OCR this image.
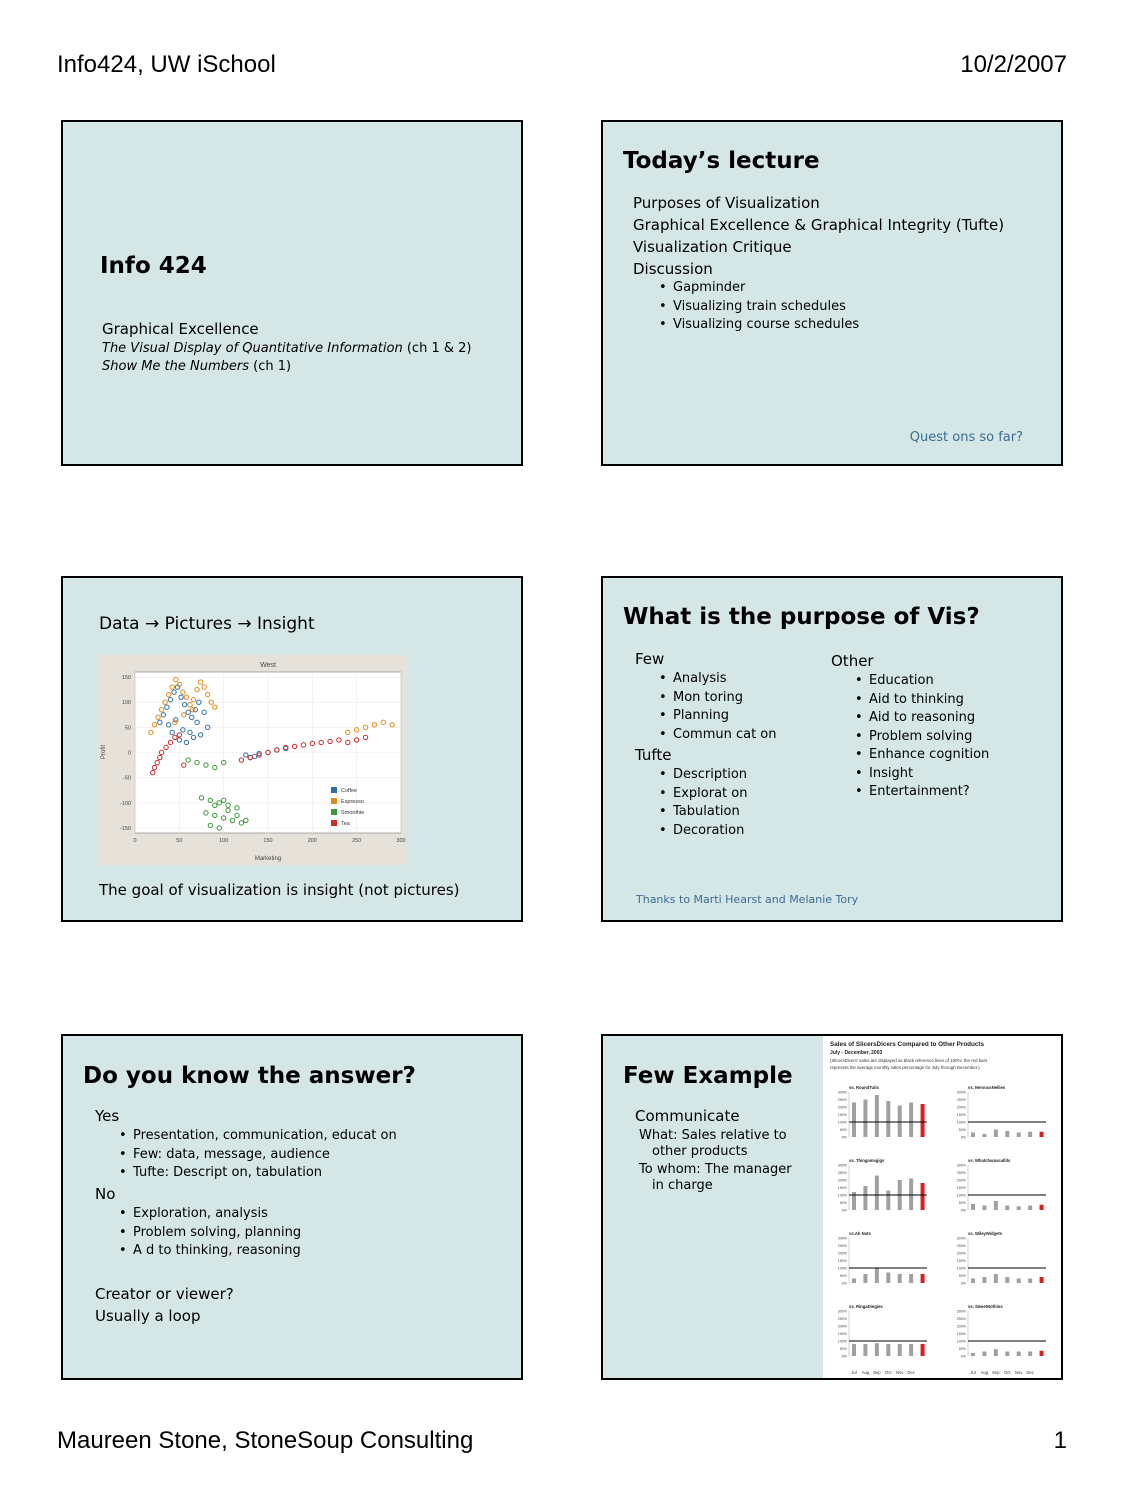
Info424, UW iSchool	10/2/2007
Maureen Stone, StoneSoup Consulting	1
Info 424
Graphical Excellence
The Visual Display of Quantitative Information (ch 1 & 2)
Show Me the Numbers (ch 1)
Today’s lecture
Purposes of Visualization
Graphical Excellence & Graphical Integrity (Tufte)
Visualization Critique
Discussion
• Gapminder
• Visualizing train schedules
• Visualizing course schedules
Quest ons so far?
Data → Pictures → Insight
West
150
100
50
0
-50
-100
-150
0	50	100	150	200	250	300
Profit
Marketing
Coffee
Espresso
Smoothie
Tea
The goal of visualization is insight (not pictures)
What is the purpose of Vis?
Few
• Analysis
• Mon toring
• Planning
• Commun cat on
Tufte
• Description
• Explorat on
• Tabulation
• Decoration
Other
• Education
• Aid to thinking
• Aid to reasoning
• Problem solving
• Enhance cognition
• Insight
• Entertainment?
Thanks to Marti Hearst and Melanie Tory
Do you know the answer?
Yes
• Presentation, communication, educat on
• Few: data, message, audience
• Tufte: Descript on, tabulation
No
• Exploration, analysis
• Problem solving, planning
• A d to thinking, reasoning
Creator or viewer?
Usually a loop
Few Example
Communicate
What: Sales relative to
other products
To whom: The manager
in charge
Sales of SlicersDicers Compared to Other Products
July - December, 2003
(SlicersDicers' sales are displayed as black reference lines of 100%; the red bars
represent the average monthly sales percentage for July through December.)
vs. RoundTuits
300%
250%
200%
150%
100%
50%
0%
vs. NervousNellies
300%
250%
200%
150%
100%
50%
0%
vs. Thingamagigs
300%
250%
200%
150%
100%
50%
0%
vs. Whatchamacallits
300%
250%
200%
150%
100%
50%
0%
vs.Ah Nuts
300%
250%
200%
150%
100%
50%
0%
vs. WileyWidgets
300%
250%
200%
150%
100%
50%
0%
vs. RingaDingies
300%
250%
200%
150%
100%
50%
0%
vs. SweetNothins
300%
250%
200%
150%
100%
50%
0%
Jul Aug Sep Oct Nov Dec	Jul Aug Sep Oct Nov Dec
